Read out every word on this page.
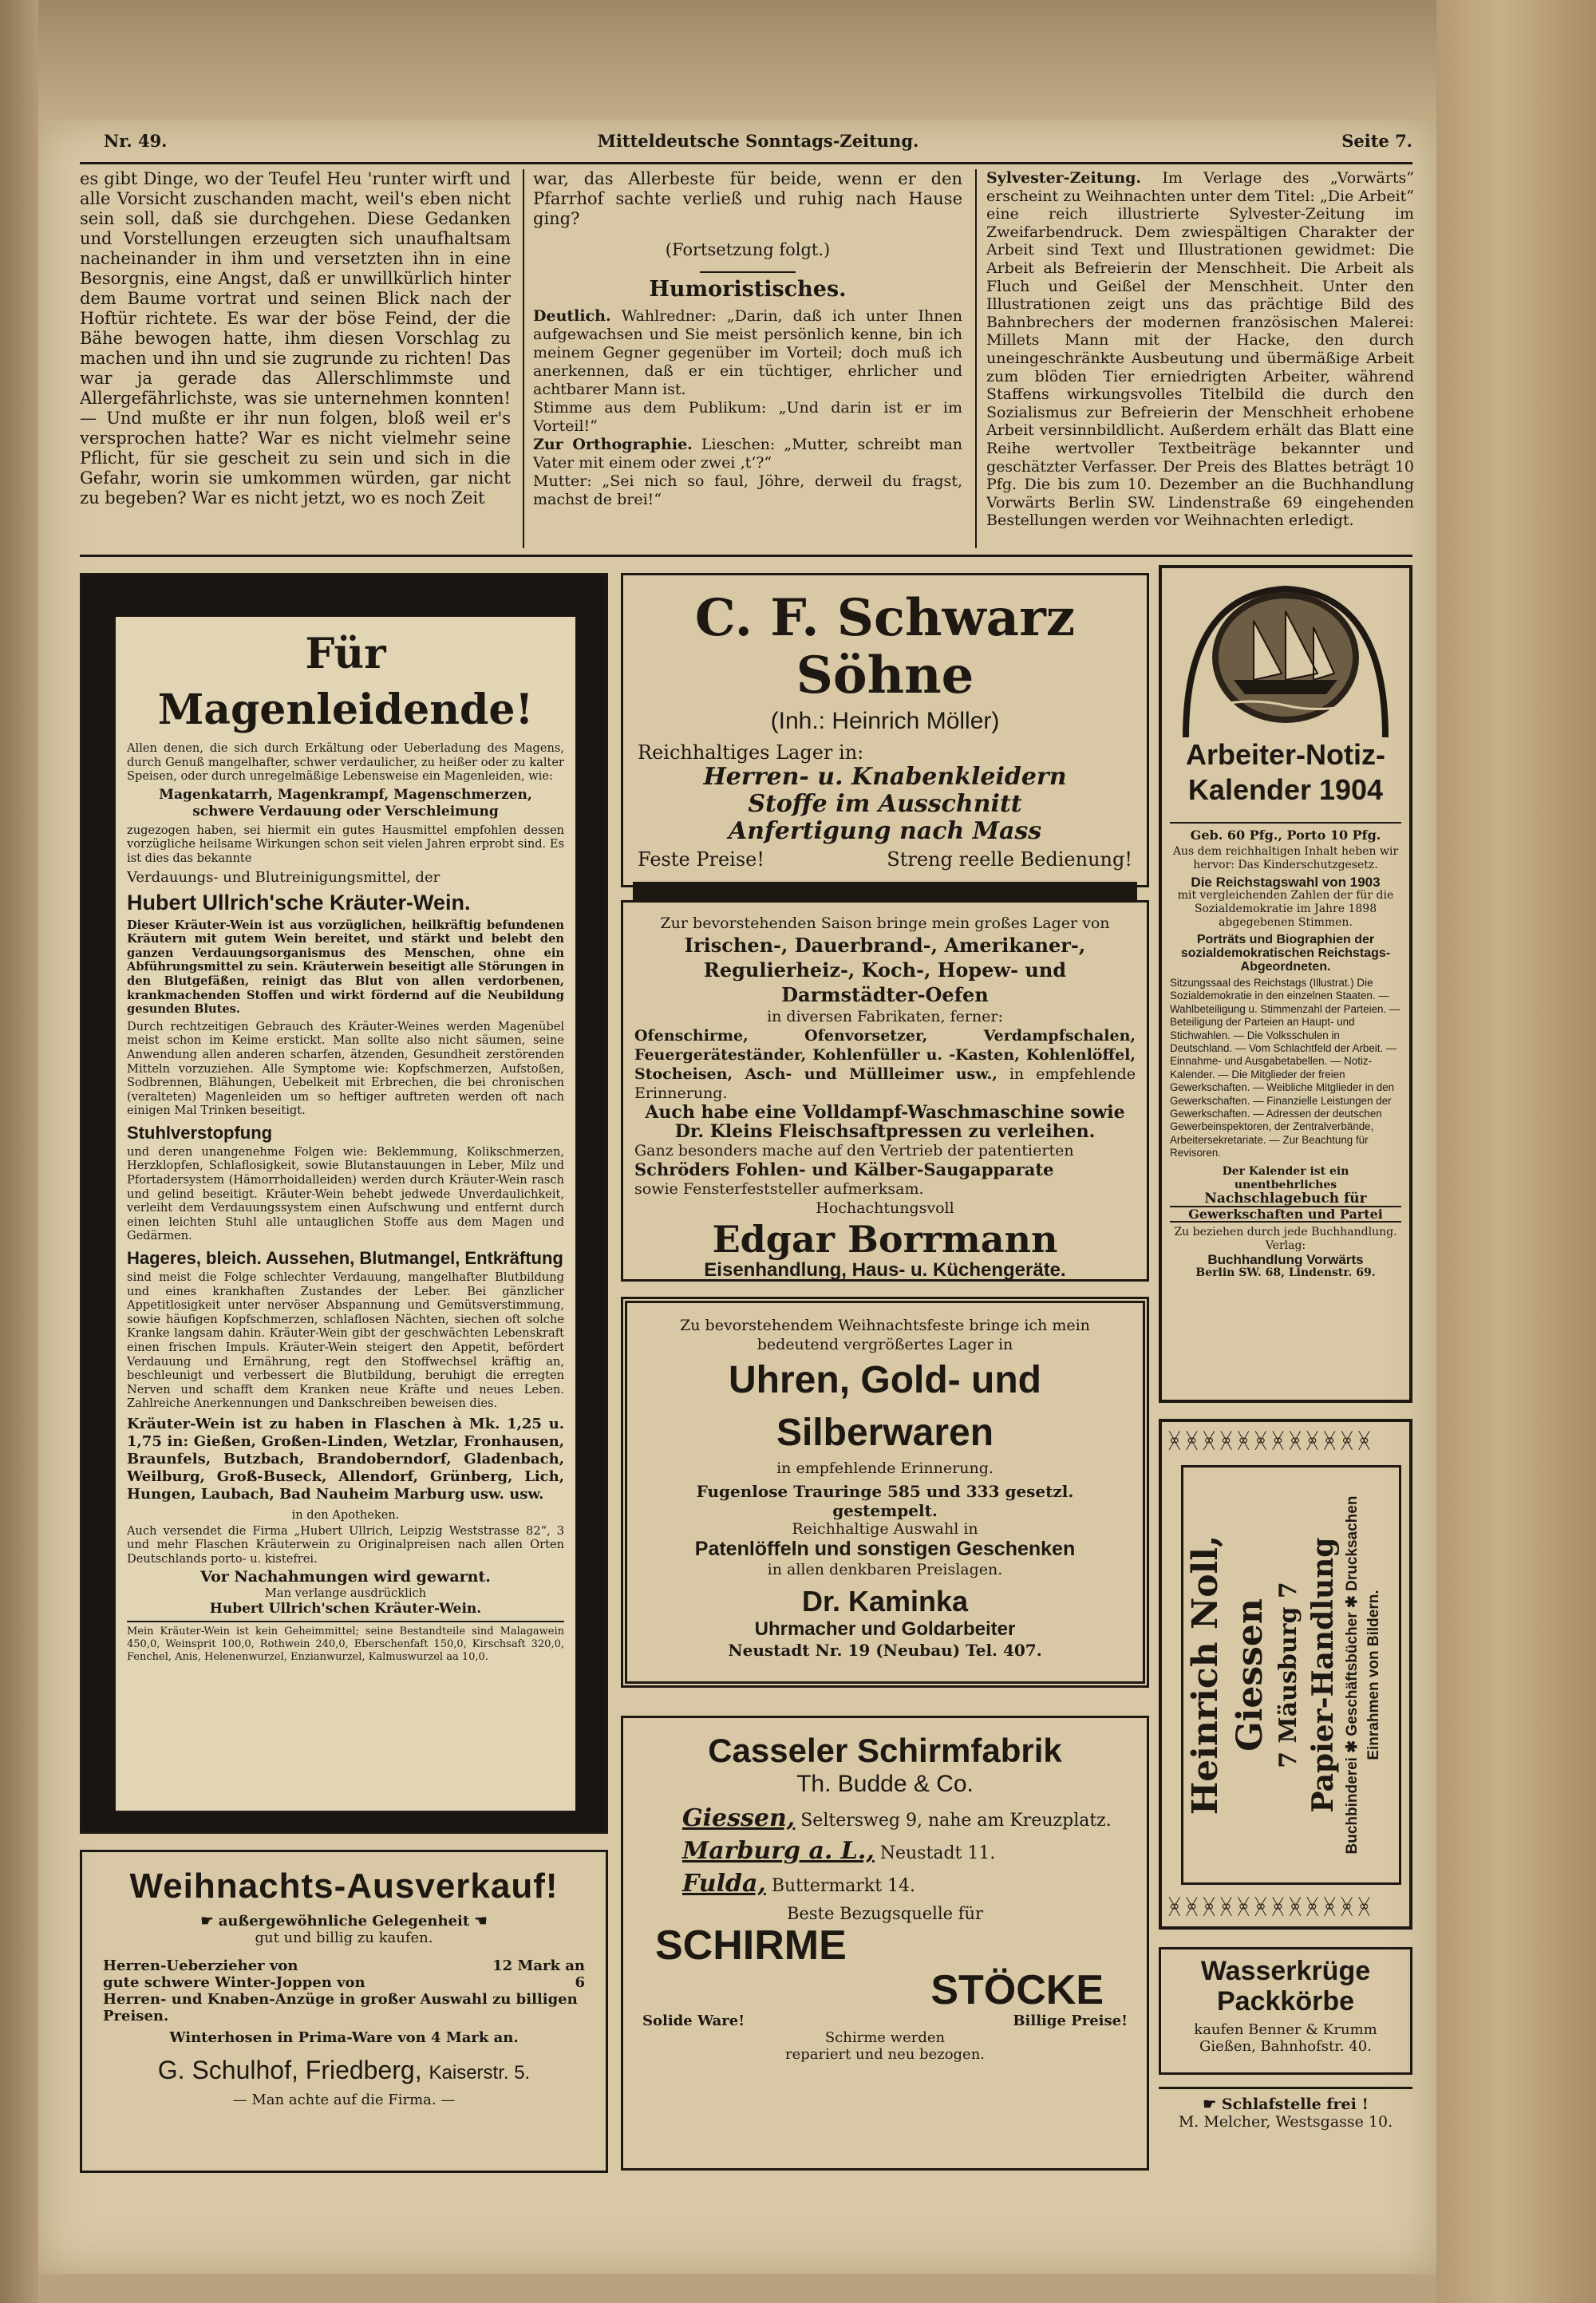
Nr. 49.	Mitteldeutsche Sonntags-Zeitung.	Seite 7.

es gibt Dinge, wo der Teufel Heu 'runter wirft und alle Vorsicht zuschanden macht, weil's eben nicht sein soll, daß sie durchgehen. Diese Gedanken und Vorstellungen erzeugten sich unaufhaltsam nacheinander in ihm und versetzten ihn in eine Besorgnis, eine Angst, daß er unwillkürlich hinter dem Baume vortrat und seinen Blick nach der Hoftür richtete. Es war der böse Feind, der die Bähe bewogen hatte, ihm diesen Vorschlag zu machen und ihn und sie zugrunde zu richten! Das war ja gerade das Allerschlimmste und Allergefährlichste, was sie unternehmen konnten! — Und mußte er ihr nun folgen, bloß weil er's versprochen hatte? War es nicht vielmehr seine Pflicht, für sie gescheit zu sein und sich in die Gefahr, worin sie umkommen würden, gar nicht zu begeben? War es nicht jetzt, wo es noch Zeit

war, das Allerbeste für beide, wenn er den Pfarrhof sachte verließ und ruhig nach Hause ging?

(Fortsetzung folgt.)

Humoristisches.

Deutlich. Wahlredner: „Darin, daß ich unter Ihnen aufgewachsen und Sie meist persönlich kenne, bin ich meinem Gegner gegenüber im Vorteil; doch muß ich anerkennen, daß er ein tüchtiger, ehrlicher und achtbarer Mann ist.

Stimme aus dem Publikum: „Und darin ist er im Vorteil!“

Zur Orthographie. Lieschen: „Mutter, schreibt man Vater mit einem oder zwei ‚t‘?“

Mutter: „Sei nich so faul, Jöhre, derweil du fragst, machst de brei!“

Sylvester-Zeitung. Im Verlage des „Vorwärts“ erscheint zu Weihnachten unter dem Titel: „Die Arbeit“ eine reich illustrierte Sylvester-Zeitung im Zweifarbendruck. Dem zwiespältigen Charakter der Arbeit sind Text und Illustrationen gewidmet: Die Arbeit als Befreierin der Menschheit. Die Arbeit als Fluch und Geißel der Menschheit. Unter den Illustrationen zeigt uns das prächtige Bild des Bahnbrechers der modernen französischen Malerei: Millets Mann mit der Hacke, den durch uneingeschränkte Ausbeutung und übermäßige Arbeit zum blöden Tier erniedrigten Arbeiter, während Staffens wirkungsvolles Titelbild die durch den Sozialismus zur Befreierin der Menschheit erhobene Arbeit versinnbildlicht. Außerdem erhält das Blatt eine Reihe wertvoller Textbeiträge bekannter und geschätzter Verfasser. Der Preis des Blattes beträgt 10 Pfg. Die bis zum 10. Dezember an die Buchhandlung Vorwärts Berlin SW. Lindenstraße 69 eingehenden Bestellungen werden vor Weihnachten erledigt.

Für Magenleidende!

Allen denen, die sich durch Erkältung oder Ueberladung des Magens, durch Genuß mangelhafter, schwer verdaulicher, zu heißer oder zu kalter Speisen, oder durch unregelmäßige Lebensweise ein Magenleiden, wie:

Magenkatarrh, Magenkrampf, Magenschmerzen, schwere Verdauung oder Verschleimung

zugezogen haben, sei hiermit ein gutes Hausmittel empfohlen dessen vorzügliche heilsame Wirkungen schon seit vielen Jahren erprobt sind. Es ist dies das bekannte

Verdauungs- und Blutreinigungsmittel, der

Hubert Ullrich'sche Kräuter-Wein.

Dieser Kräuter-Wein ist aus vorzüglichen, heilkräftig befundenen Kräutern mit gutem Wein bereitet, und stärkt und belebt den ganzen Verdauungsorganismus des Menschen, ohne ein Abführungsmittel zu sein. Kräuterwein beseitigt alle Störungen in den Blutgefäßen, reinigt das Blut von allen verdorbenen, krankmachenden Stoffen und wirkt fördernd auf die Neubildung gesunden Blutes.

Durch rechtzeitigen Gebrauch des Kräuter-Weines werden Magenübel meist schon im Keime erstickt. Man sollte also nicht säumen, seine Anwendung allen anderen scharfen, ätzenden, Gesundheit zerstörenden Mitteln vorzuziehen. Alle Symptome wie: Kopfschmerzen, Aufstoßen, Sodbrennen, Blähungen, Uebelkeit mit Erbrechen, die bei chronischen (veralteten) Magenleiden um so heftiger auftreten werden oft nach einigen Mal Trinken beseitigt.

Stuhlverstopfung

und deren unangenehme Folgen wie: Beklemmung, Kolikschmerzen, Herzklopfen, Schlaflosigkeit, sowie Blutanstauungen in Leber, Milz und Pfortadersystem (Hämorrhoidalleiden) werden durch Kräuter-Wein rasch und gelind beseitigt. Kräuter-Wein behebt jedwede Unverdaulichkeit, verleiht dem Verdauungssystem einen Aufschwung und entfernt durch einen leichten Stuhl alle untauglichen Stoffe aus dem Magen und Gedärmen.

Hageres, bleich. Aussehen, Blutmangel, Entkräftung

sind meist die Folge schlechter Verdauung, mangelhafter Blutbildung und eines krankhaften Zustandes der Leber. Bei gänzlicher Appetitlosigkeit unter nervöser Abspannung und Gemütsverstimmung, sowie häufigen Kopfschmerzen, schlaflosen Nächten, siechen oft solche Kranke langsam dahin. Kräuter-Wein gibt der geschwächten Lebenskraft einen frischen Impuls. Kräuter-Wein steigert den Appetit, befördert Verdauung und Ernährung, regt den Stoffwechsel kräftig an, beschleunigt und verbessert die Blutbildung, beruhigt die erregten Nerven und schafft dem Kranken neue Kräfte und neues Leben. Zahlreiche Anerkennungen und Dankschreiben beweisen dies.

Kräuter-Wein ist zu haben in Flaschen à Mk. 1,25 u. 1,75 in: Gießen, Großen-Linden, Wetzlar, Fronhausen, Braunfels, Butzbach, Brandoberndorf, Gladenbach, Weilburg, Groß-Buseck, Allendorf, Grünberg, Lich, Hungen, Laubach, Bad Nauheim Marburg usw. usw.

in den Apotheken.

Auch versendet die Firma „Hubert Ullrich, Leipzig Weststrasse 82“, 3 und mehr Flaschen Kräuterwein zu Originalpreisen nach allen Orten Deutschlands porto- u. kistefrei.

Vor Nachahmungen wird gewarnt.

Man verlange ausdrücklich

Hubert Ullrich'schen Kräuter-Wein.

Mein Kräuter-Wein ist kein Geheimmittel; seine Bestandteile sind Malagawein 450,0, Weinsprit 100,0, Rothwein 240,0, Eberschenfaft 150,0, Kirschsaft 320,0, Fenchel, Anis, Helenenwurzel, Enzianwurzel, Kalmuswurzel aa 10,0.
Weihnachts-Ausverkauf!
☛ außergewöhnliche Gelegenheit ☚
gut und billig zu kaufen.
Herren-Ueberzieher von	12 Mark an
gute schwere Winter-Joppen von	6
Herren- und Knaben-Anzüge in großer Auswahl zu billigen Preisen.
Winterhosen in Prima-Ware von 4 Mark an.
G. Schulhof, Friedberg, Kaiserstr. 5.
— Man achte auf die Firma. —
C. F. Schwarz Söhne
(Inh.: Heinrich Möller)
Reichhaltiges Lager in:
Herren- u. Knabenkleidern
Stoffe im Ausschnitt
Anfertigung nach Mass
Feste Preise!	Streng reelle Bedienung!
Zur bevorstehenden Saison bringe mein großes Lager von
Irischen-, Dauerbrand-, Amerikaner-, Regulierheiz-, Koch-, Hopew- und Darmstädter-Oefen
in diversen Fabrikaten, ferner:
Ofenschirme, Ofenvorsetzer, Verdampfschalen, Feuergeräteständer, Kohlenfüller u. -Kasten, Kohlenlöffel, Stocheisen, Asch- und Müllleimer usw., in empfehlende Erinnerung.
Auch habe eine Volldampf-Waschmaschine sowie
Dr. Kleins Fleischsaftpressen zu verleihen.
Ganz besonders mache auf den Vertrieb der patentierten
Schröders Fohlen- und Kälber-Saugapparate
sowie Fensterfeststeller aufmerksam.
Hochachtungsvoll
Edgar Borrmann
Eisenhandlung, Haus- u. Küchengeräte.
Zu bevorstehendem Weihnachtsfeste bringe ich mein bedeutend vergrößertes Lager in
Uhren, Gold- und Silberwaren
in empfehlende Erinnerung.
Fugenlose Trauringe 585 und 333 gesetzl. gestempelt.
Reichhaltige Auswahl in
Patenlöffeln und sonstigen Geschenken
in allen denkbaren Preislagen.
Dr. Kaminka
Uhrmacher und Goldarbeiter
Neustadt Nr. 19 (Neubau) Tel. 407.
Casseler Schirmfabrik
Th. Budde & Co.
Giessen, Seltersweg 9, nahe am Kreuzplatz.
Marburg a. L., Neustadt 11.
Fulda, Buttermarkt 14.
Beste Bezugsquelle für
SCHIRME
STÖCKE
Solide Ware!	Billige Preise!
Schirme werden
repariert und neu bezogen.
Arbeiter-Notiz-
Kalender 1904
Geb. 60 Pfg., Porto 10 Pfg.
Aus dem reichhaltigen Inhalt heben wir hervor: Das Kinderschutzgesetz.
Die Reichstagswahl von 1903
mit vergleichenden Zahlen der für die Sozialdemokratie im Jahre 1898 abgegebenen Stimmen.
Porträts und Biographien der sozialdemokratischen Reichstags-Abgeordneten.
Sitzungssaal des Reichstags (Illustrat.) Die Sozialdemokratie in den einzelnen Staaten. — Wahlbeteiligung u. Stimmenzahl der Parteien. — Beteiligung der Parteien an Haupt- und Stichwahlen. — Die Volksschulen in Deutschland. — Vom Schlachtfeld der Arbeit. — Einnahme- und Ausgabetabellen. — Notiz-Kalender. — Die Mitglieder der freien Gewerkschaften. — Weibliche Mitglieder in den Gewerkschaften. — Finanzielle Leistungen der Gewerkschaften. — Adressen der deutschen Gewerbeinspektoren, der Zentralverbände, Arbeitersekretariate. — Zur Beachtung für Revisoren.
Der Kalender ist ein unentbehrliches
Nachschlagebuch für
Gewerkschaften und Partei
Zu beziehen durch jede Buchhandlung.
Verlag:
Buchhandlung Vorwärts
Berlin SW. 68, Lindenstr. 69.
ᚸᚸᚸᚸᚸᚸᚸᚸᚸᚸᚸᚸ
Heinrich Noll, Giessen 7 Mäusburg 7 Papier-Handlung Buchbinderei ✱ Geschäftsbücher ✱ Drucksachen Einrahmen von Bildern.
ᚸᚸᚸᚸᚸᚸᚸᚸᚸᚸᚸᚸ
Wasserkrüge
Packkörbe
kaufen Benner & Krumm
Gießen, Bahnhofstr. 40.
☛ Schlafstelle frei !
M. Melcher, Westsgasse 10.
